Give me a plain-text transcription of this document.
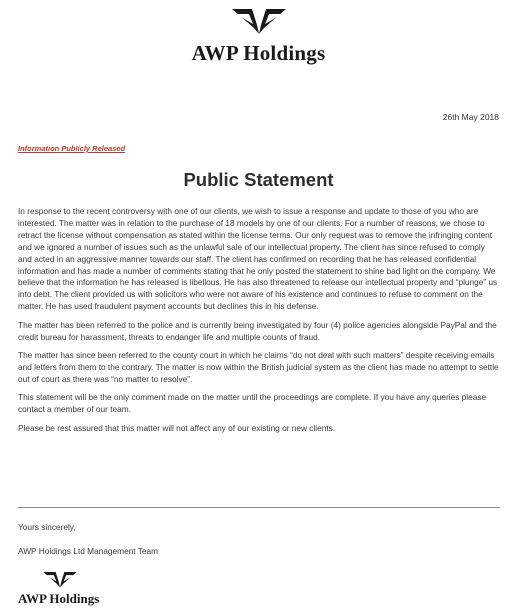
AWP Holdings
26th May 2018
Information Publicly Released
Public Statement

In response to the recent controversy with one of our clients, we wish to issue a response and update to those of you who are interested. The matter was in relation to the purchase of 18 models by one of our clients. For a number of reasons, we chose to retract the license without compensation as stated within the license terms. Our only request was to remove the infringing content and we ignored a number of issues such as the unlawful sale of our intellectual property. The client has since refused to comply and acted in an aggressive manner towards our staff. The client has confirmed on recording that he has released confidential information and has made a number of comments stating that he only posted the statement to shine bad light on the company. We believe that the information he has released is libellous. He has also threatened to release our intellectual property and “plunge” us into debt. The client provided us with solicitors who were not aware of his existence and continues to refuse to comment on the matter. He has used fraudulent payment accounts but declines this in his defense.

The matter has been referred to the police and is currently being investigated by four (4) police agencies alongside PayPal and the credit bureau for harassment, threats to endanger life and multiple counts of fraud.

The matter has since been referred to the county court in which he claims “do not deal with such matters” despite receiving emails and letters from them to the contrary. The matter is now within the British judicial system as the client has made no attempt to settle out of court as there was “no matter to resolve”.

This statement will be the only comment made on the matter until the proceedings are complete. If you have any queries please contact a member of our team.

Please be rest assured that this matter will not affect any of our existing or new clients.

Yours sincerely,
AWP Holdings Ltd Management Team
AWP Holdings
